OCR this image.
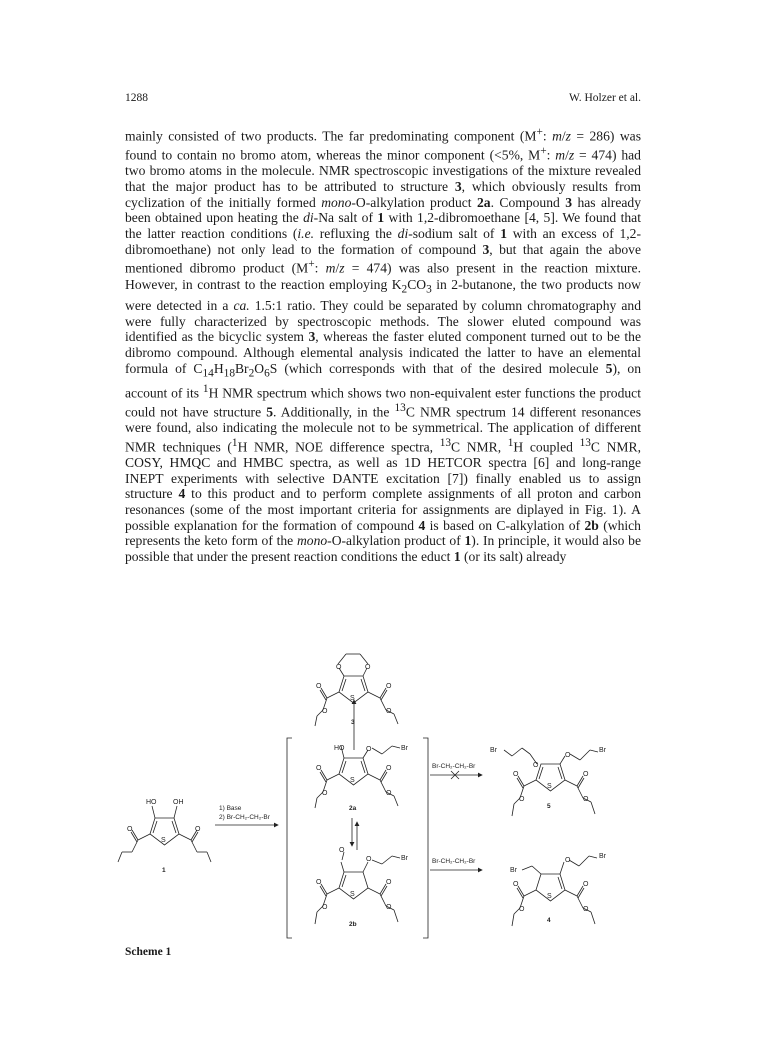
1288	W. Holzer et al.

mainly consisted of two products. The far predominating component (M+: m/z = 286) was found to contain no bromo atom, whereas the minor component (<5%, M+: m/z = 474) had two bromo atoms in the molecule. NMR spectroscopic investigations of the mixture revealed that the major product has to be attributed to structure 3, which obviously results from cyclization of the initially formed mono-O-alkylation product 2a. Compound 3 has already been obtained upon heating the di-Na salt of 1 with 1,2-dibromoethane [4, 5]. We found that the latter reaction conditions (i.e. refluxing the di-sodium salt of 1 with an excess of 1,2-dibromoethane) not only lead to the formation of compound 3, but that again the above mentioned dibromo product (M+: m/z = 474) was also present in the reaction mixture. However, in contrast to the reaction employing $K_2CO_3$ in 2-butanone, the two products now were detected in a ca. 1.5:1 ratio. They could be separated by column chromatography and were fully characterized by spectroscopic methods. The slower eluted compound was identified as the bicyclic system 3, whereas the faster eluted component turned out to be the dibromo compound. Although elemental analysis indicated the latter to have an elemental formula of $C_{14}H_{18}Br_2O_6S$ (which corresponds with that of the desired molecule 5), on account of its $^1$H NMR spectrum which shows two non-equivalent ester functions the product could not have structure 5. Additionally, in the $^{13}$C NMR spectrum 14 different resonances were found, also indicating the molecule not to be symmetrical. The application of different NMR techniques ($^1$H NMR, NOE difference spectra, $^{13}$C NMR, $^1$H coupled $^{13}$C NMR, COSY, HMQC and HMBC spectra, as well as 1D HETCOR spectra [6] and long-range INEPT experiments with selective DANTE excitation [7]) finally enabled us to assign structure 4 to this product and to perform complete assignments of all proton and carbon resonances (some of the most important criteria for assignments are diplayed in Fig. 1). A possible explanation for the formation of compound 4 is based on C-alkylation of 2b (which represents the keto form of the mono-O-alkylation product of 1). In principle, it would also be possible that under the present reaction conditions the educt 1 (or its salt) already

HO OH
S
O	O
HO	O	Br
S
O	O
O	O
O	O
S
O	O
O	O
O
O	Br
S
O	O
O	O
Br
O
O
Br
S
O	O
O	O
O
Br
Br
S
O	O
O	O
1
2a
2b
3
4
5
1) Base
2) Br-CH₂-CH₂-Br
Br-CH₂-CH₂-Br
Br-CH₂-CH₂-Br
Scheme 1
